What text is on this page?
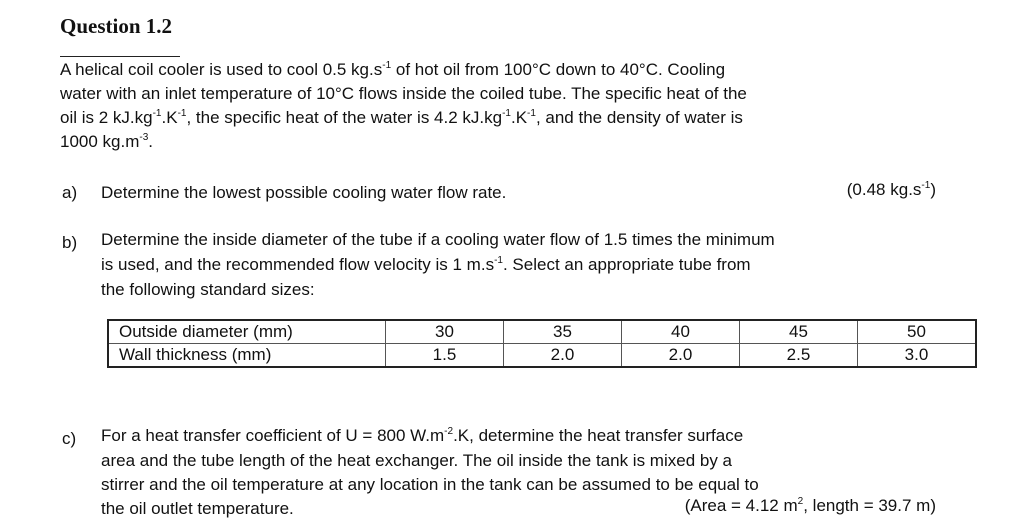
Question 1.2
A helical coil cooler is used to cool 0.5 $kg.s^{-1}$ of hot oil from 100°C down to 40°C. Cooling
water with an inlet temperature of 10°C flows inside the coiled tube. The specific heat of the
oil is 2 $kJ.kg^{-1}.K^{-1}$, the specific heat of the water is 4.2 $kJ.kg^{-1}.K^{-1}$, and the density of water is
1000 $kg.m^{-3}$.
a) Determine the lowest possible cooling water flow rate.	(0.48 $kg.s^{-1}$)
b) Determine the inside diameter of the tube if a cooling water flow of 1.5 times the minimum
is used, and the recommended flow velocity is 1 $m.s^{-1}$. Select an appropriate tube from
the following standard sizes:
Outside diameter (mm)	30	35	40	45	50
Wall thickness (mm)	1.5	2.0	2.0	2.5	3.0
c) For a heat transfer coefficient of U = 800 $W.m^{-2}.K$, determine the heat transfer surface
area and the tube length of the heat exchanger. The oil inside the tank is mixed by a
stirrer and the oil temperature at any location in the tank can be assumed to be equal to
the oil outlet temperature.	(Area = 4.12 $m^2$, length = 39.7 m)
